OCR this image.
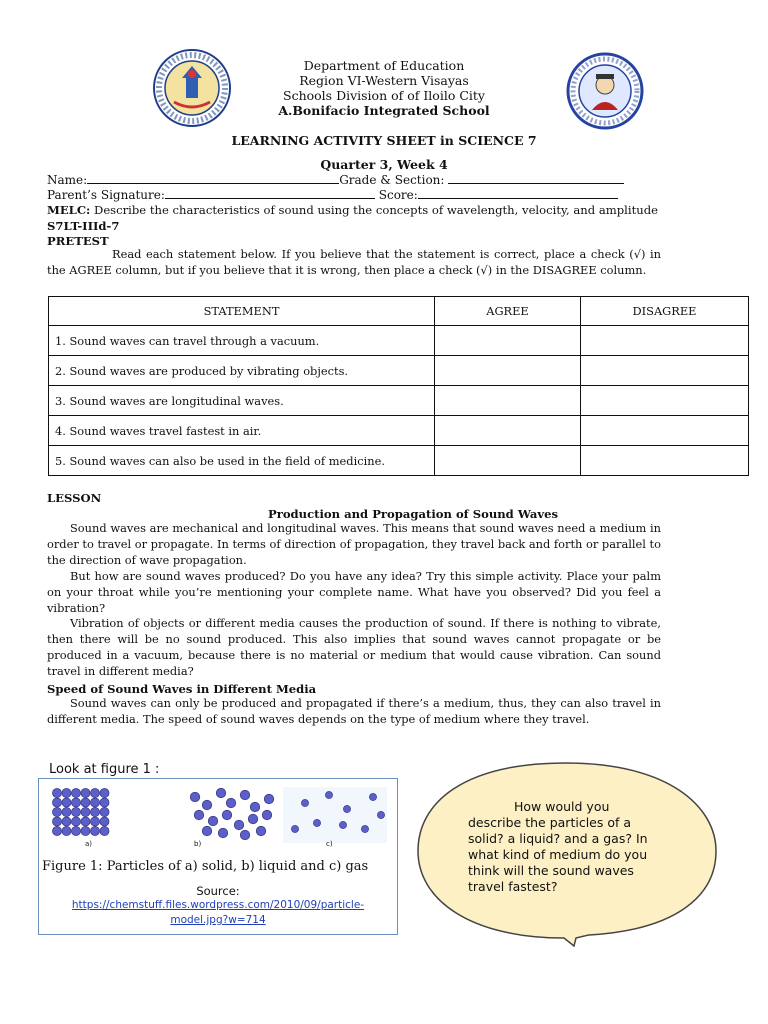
Department of Education
Region VI-Western Visayas
Schools Division of of Iloilo City
A.Bonifacio Integrated School
LEARNING ACTIVITY SHEET in SCIENCE 7
Quarter 3, Week 4
Name:	Grade & Section:
Parent’s Signature:	Score:
MELC: Describe the characteristics of sound using the concepts of wavelength, velocity, and amplitude
S7LT-IIId-7
PRETEST

Read each statement below. If you believe that the statement is correct, place a check (√) in the AGREE column, but if you believe that it is wrong, then place a check (√) in the DISAGREE column.

STATEMENT	AGREE	DISAGREE
1. Sound waves can travel through a vacuum.		
2. Sound waves are produced by vibrating objects.		
3. Sound waves are longitudinal waves.		
4. Sound waves travel fastest in air.		
5. Sound waves can also be used in the field of medicine.		
LESSON
Production and Propagation of Sound Waves

Sound waves are mechanical and longitudinal waves. This means that sound waves need a medium in order to travel or propagate. In terms of direction of propagation, they travel back and forth or parallel to the direction of wave propagation.

But how are sound waves produced? Do you have any idea? Try this simple activity. Place your palm on your throat while you’re mentioning your complete name. What have you observed? Did you feel a vibration?

Vibration of objects or different media causes the production of sound. If there is nothing to vibrate, then there will be no sound produced. This also implies that sound waves cannot propagate or be produced in a vacuum, because there is no material or medium that would cause vibration. Can sound travel in different media?

Speed of Sound Waves in Different Media

Sound waves can only be produced and propagated if there’s a medium, thus, they can also travel in different media. The speed of sound waves depends on the type of medium where they travel.

Look at figure 1 :
a)	b)	c)
Figure 1: Particles of a) solid, b) liquid and c) gas
Source:
https://chemstuff.files.wordpress.com/2010/09/particle-
model.jpg?w=714
How would you describe the particles of a solid? a liquid? and a gas? In what kind of medium do you think will the sound waves travel fastest?
